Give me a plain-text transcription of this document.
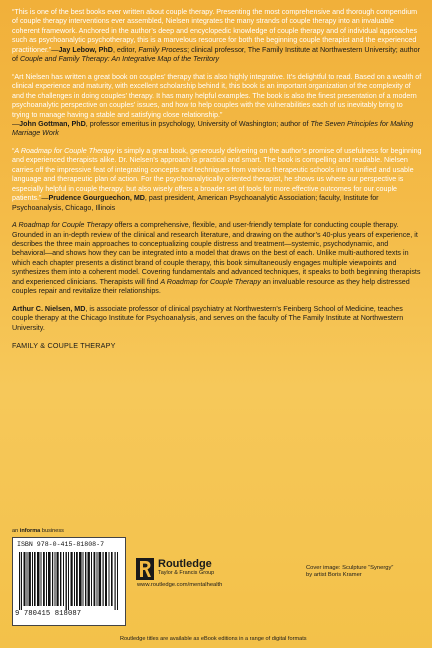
“This is one of the best books ever written about couple therapy. Presenting the most comprehensive and thorough compendium of couple therapy interventions ever assembled, Nielsen integrates the many strands of couple therapy into an invaluable coherent framework. Anchored in the author’s deep and encyclopedic knowledge of couple therapy and of individual approaches such as psychoanalytic psychotherapy, this is a marvelous resource for both the beginning couple therapist and the experienced practitioner.”—Jay Lebow, PhD, editor, Family Process; clinical professor, The Family Institute at Northwestern University; author of Couple and Family Therapy: An Integrative Map of the Territory

“Art Nielsen has written a great book on couples’ therapy that is also highly integrative. It’s delightful to read. Based on a wealth of clinical experience and maturity, with excellent scholarship behind it, this book is an important organization of the complexity of and the challenges in doing couples’ therapy. It has many helpful examples. The book is also the finest presentation of a modern psychoanalytic perspective on couples’ issues, and how to help couples with the vulnerabilities each of us inevitably bring to trying to manage having a stable and satisfying close relationship.”
—John Gottman, PhD, professor emeritus in psychology, University of Washington; author of The Seven Principles for Making Marriage Work

“A Roadmap for Couple Therapy is simply a great book, generously delivering on the author’s promise of usefulness for beginning and experienced therapists alike. Dr. Nielsen’s approach is practical and smart. The book is compelling and readable. Nielsen carries off the impressive feat of integrating concepts and techniques from various therapeutic schools into a unified and usable language and therapeutic plan of action. For the psychoanalytically oriented therapist, he shows us where our perspective is especially helpful in couple therapy, but also wisely offers a broader set of tools for more effective outcomes for our couple patients.”—Prudence Gourguechon, MD, past president, American Psychoanalytic Association; faculty, Institute for Psychoanalysis, Chicago, Illinois

A Roadmap for Couple Therapy offers a comprehensive, flexible, and user-friendly template for conducting couple therapy. Grounded in an in-depth review of the clinical and research literature, and drawing on the author’s 40-plus years of experience, it describes the three main approaches to conceptualizing couple distress and treatment—systemic, psychodynamic, and behavioral—and shows how they can be integrated into a model that draws on the best of each. Unlike multi-authored texts in which each chapter presents a distinct brand of couple therapy, this book simultaneously engages multiple viewpoints and synthesizes them into a coherent model. Covering fundamentals and advanced techniques, it speaks to both beginning therapists and experienced clinicians. Therapists will find A Roadmap for Couple Therapy an invaluable resource as they help distressed couples repair and revitalize their relationships.

Arthur C. Nielsen, MD, is associate professor of clinical psychiatry at Northwestern’s Feinberg School of Medicine, teaches couple therapy at the Chicago Institute for Psychoanalysis, and serves on the faculty of The Family Institute at Northwestern University.

FAMILY & COUPLE THERAPY

an informa business
ISBN 978-0-415-81808-7
9 780415 818087
Routledge
Taylor & Francis Group
www.routledge.com/mentalhealth
Cover image: Sculpture “Synergy”
by artist Boris Kramer
Routledge titles are available as eBook editions in a range of digital formats
